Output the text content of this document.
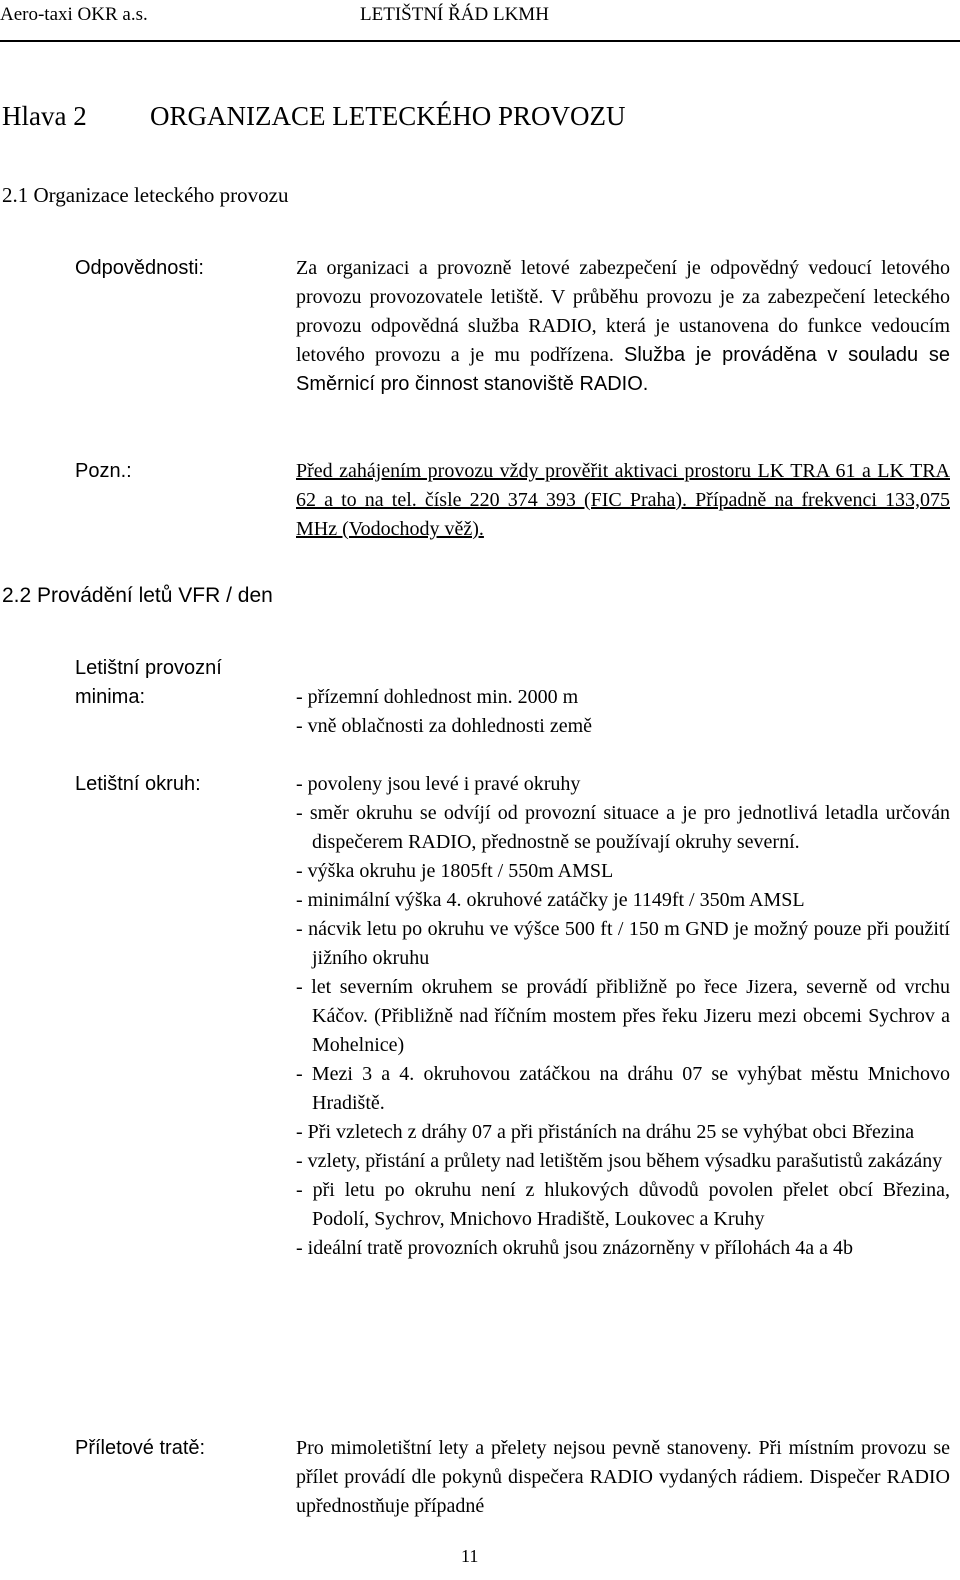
Aero-taxi OKR a.s.	LETIŠTNÍ ŘÁD LKMH
Hlava 2 ORGANIZACE LETECKÉHO PROVOZU
2.1 Organizace leteckého provozu
Odpovědnosti:	Za organizaci a provozně letové zabezpečení je odpovědný vedoucí letového provozu provozovatele letiště. V průběhu provozu je za zabezpečení leteckého provozu odpovědná služba RADIO, která je ustanovena do funkce vedoucím letového provozu a je mu podřízena. Služba je prováděna v souladu se Směrnicí pro činnost stanoviště RADIO.
Pozn.:	Před zahájením provozu vždy prověřit aktivaci prostoru LK TRA 61 a LK TRA 62 a to na tel. čísle 220 374 393 (FIC Praha). Případně na frekvenci 133,075 MHz (Vodochody věž).
2.2 Provádění letů VFR / den
Letištní provozní
minima:	- přízemní dohlednost min. 2000 m
- vně oblačnosti za dohlednosti země
Letištní okruh:	- povoleny jsou levé i pravé okruhy
- směr okruhu se odvíjí od provozní situace a je pro jednotlivá letadla určován dispečerem RADIO, přednostně se používají okruhy severní.
- výška okruhu je 1805ft / 550m AMSL
- minimální výška 4. okruhové zatáčky je 1149ft / 350m AMSL
- nácvik letu po okruhu ve výšce 500 ft / 150 m GND je možný pouze při použití jižního okruhu
- let severním okruhem se provádí přibližně po řece Jizera, severně od vrchu Káčov. (Přibližně nad říčním mostem přes řeku Jizeru mezi obcemi Sychrov a Mohelnice)
- Mezi 3 a 4. okruhovou zatáčkou na dráhu 07 se vyhýbat městu Mnichovo Hradiště.
- Při vzletech z dráhy 07 a při přistáních na dráhu 25 se vyhýbat obci Březina
- vzlety, přistání a průlety nad letištěm jsou během výsadku parašutistů zakázány
- při letu po okruhu není z hlukových důvodů povolen přelet obcí Březina, Podolí, Sychrov, Mnichovo Hradiště, Loukovec a Kruhy
- ideální tratě provozních okruhů jsou znázorněny v přílohách 4a a 4b
Příletové tratě:	Pro mimoletištní lety a přelety nejsou pevně stanoveny. Při místním provozu se přílet provádí dle pokynů dispečera RADIO vydaných rádiem. Dispečer RADIO upřednostňuje případné
11
